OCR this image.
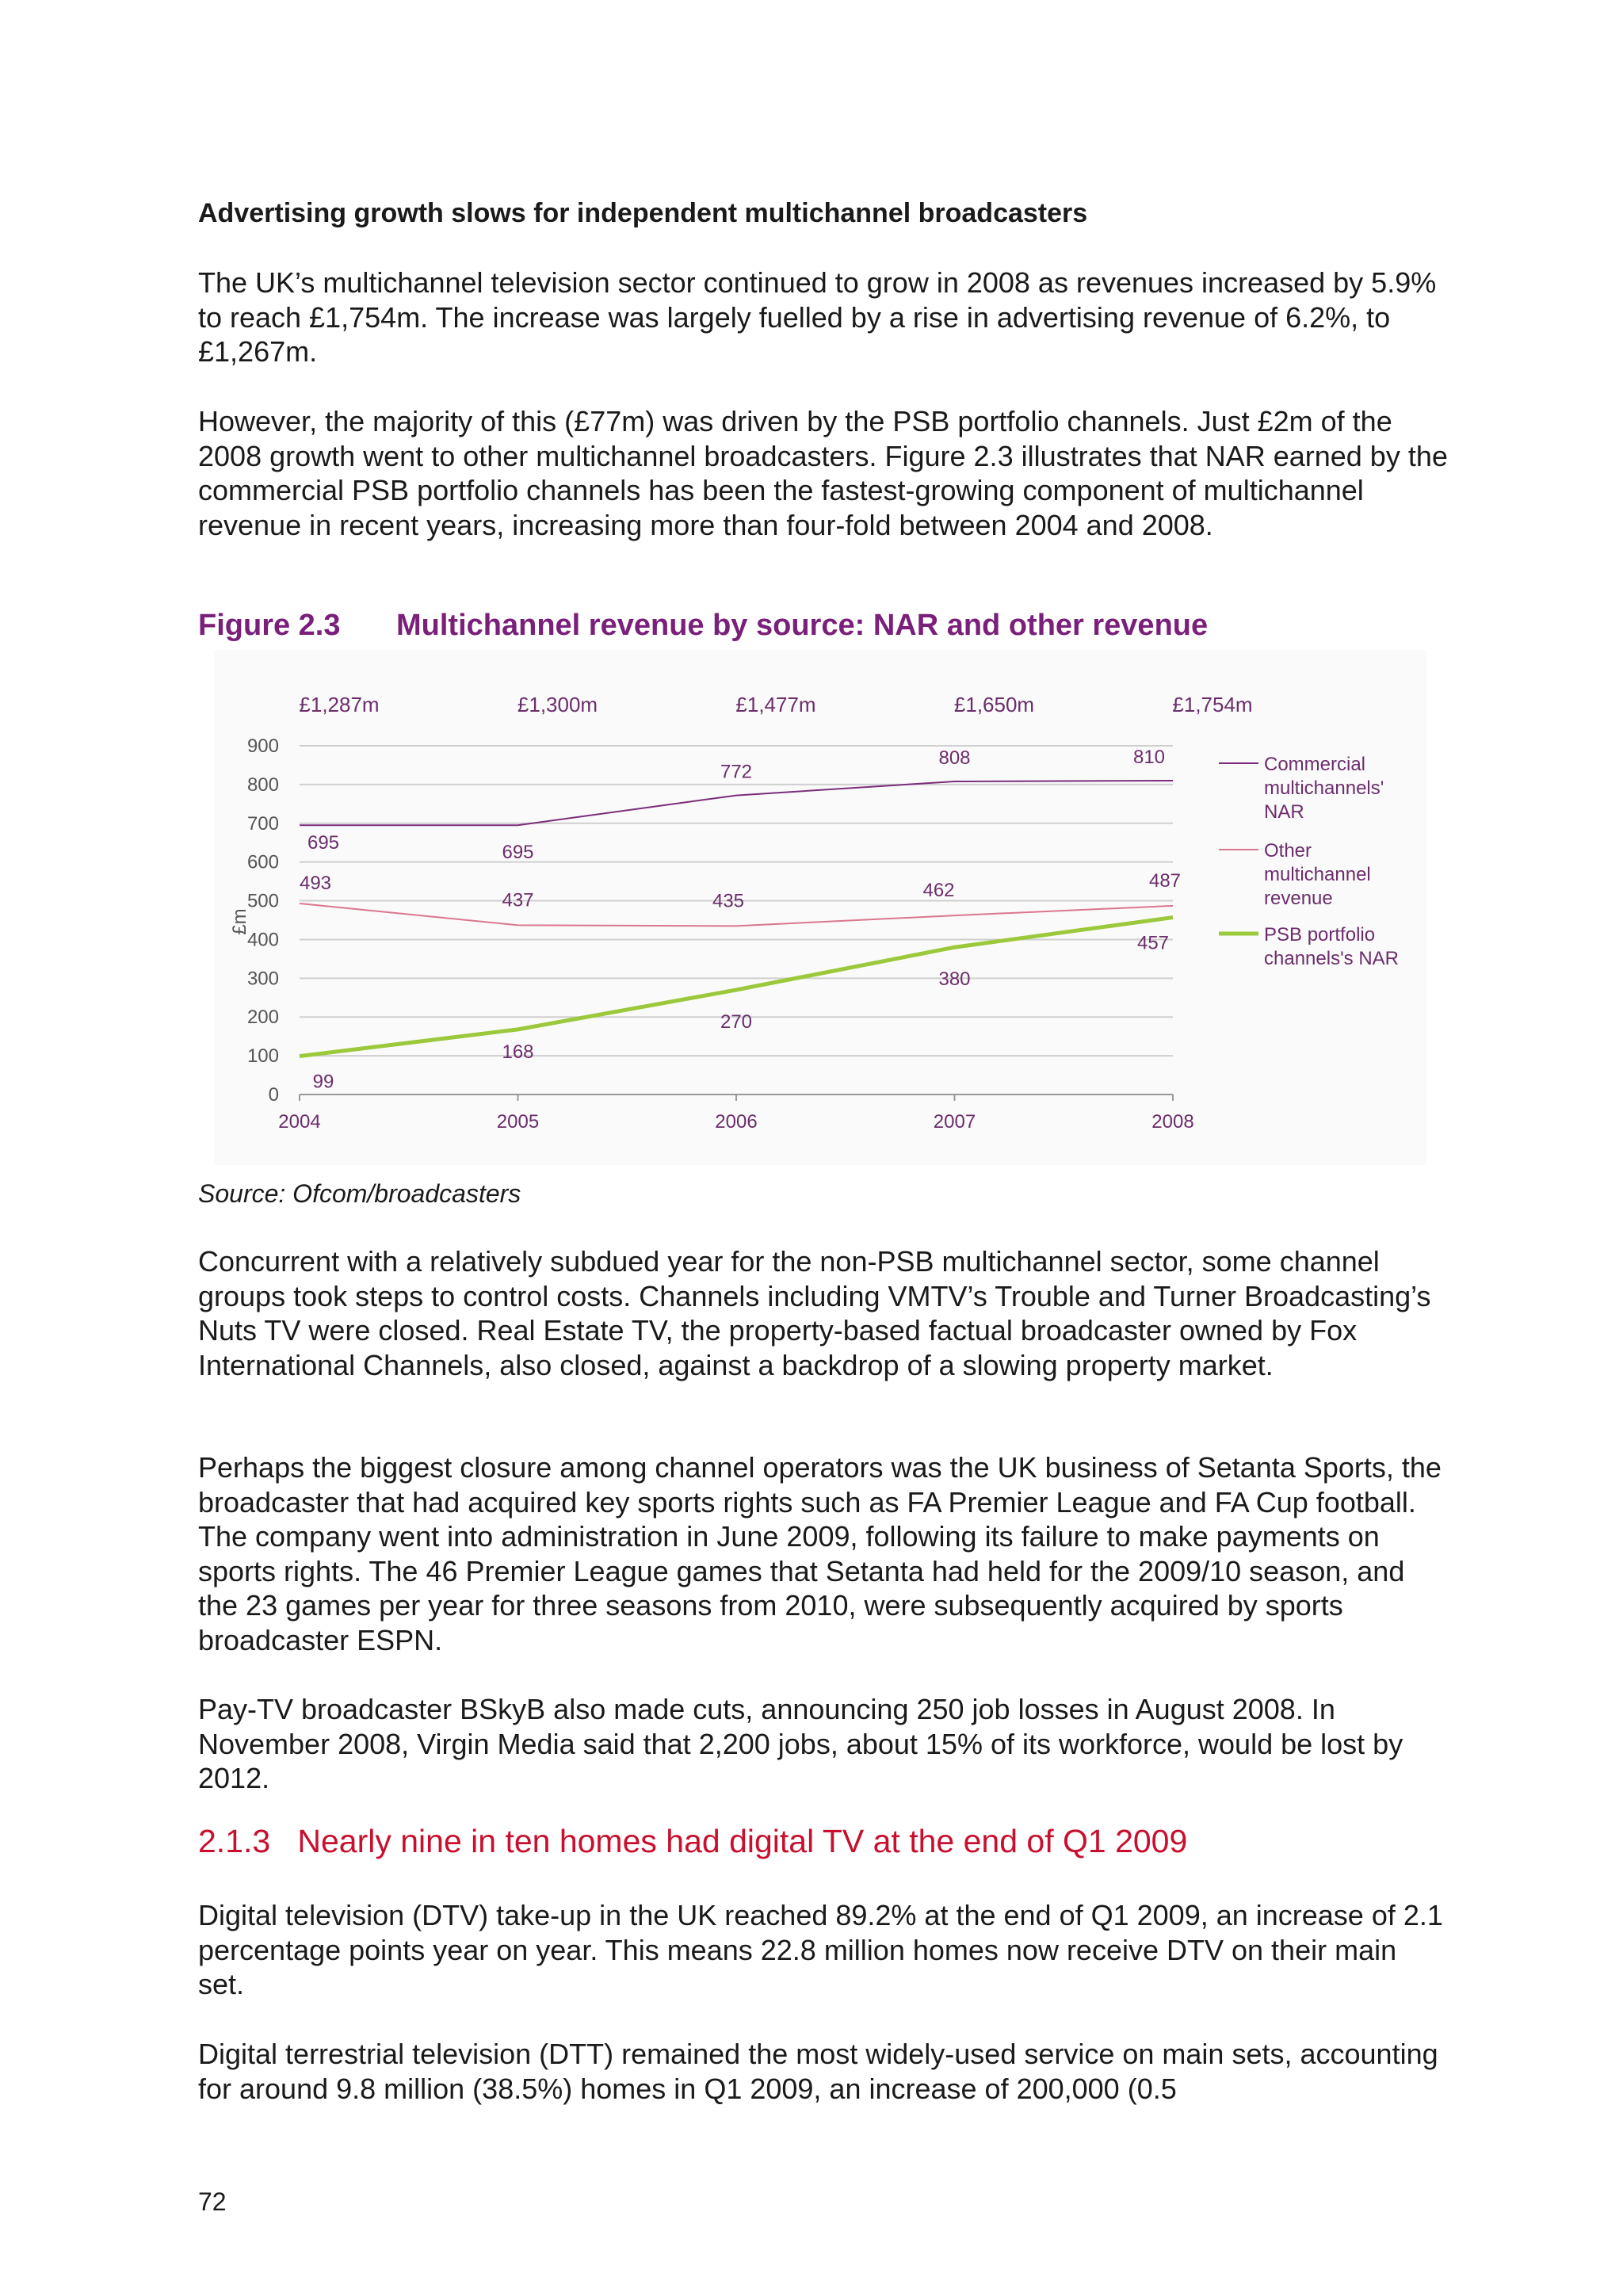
Advertising growth slows for independent multichannel broadcasters

The UK’s multichannel television sector continued to grow in 2008 as revenues increased by 5.9% to reach £1,754m. The increase was largely fuelled by a rise in advertising revenue of 6.2%, to £1,267m.

However, the majority of this (£77m) was driven by the PSB portfolio channels. Just £2m of the 2008 growth went to other multichannel broadcasters. Figure 2.3 illustrates that NAR earned by the commercial PSB portfolio channels has been the fastest-growing component of multichannel revenue in recent years, increasing more than four-fold between 2004 and 2008.

Figure 2.3 Multichannel revenue by source: NAR and other revenue
0
100
200
300
400
500
600
700
800
900
£m
2004	2005	2006	2007	2008
£1,287m	£1,300m	£1,477m	£1,650m	£1,754m
695	695
772
808	810
493
437	435	462	487
99
168
270
380
457
Commercial
multichannels'
NAR
Other
multichannel
revenue
PSB portfolio
channels's NAR
Source: Ofcom/broadcasters

Concurrent with a relatively subdued year for the non-PSB multichannel sector, some channel groups took steps to control costs. Channels including VMTV’s Trouble and Turner Broadcasting’s Nuts TV were closed. Real Estate TV, the property-based factual broadcaster owned by Fox International Channels, also closed, against a backdrop of a slowing property market.

Perhaps the biggest closure among channel operators was the UK business of Setanta Sports, the broadcaster that had acquired key sports rights such as FA Premier League and FA Cup football. The company went into administration in June 2009, following its failure to make payments on sports rights. The 46 Premier League games that Setanta had held for the 2009/10 season, and the 23 games per year for three seasons from 2010, were subsequently acquired by sports broadcaster ESPN.

Pay-TV broadcaster BSkyB also made cuts, announcing 250 job losses in August 2008. In November 2008, Virgin Media said that 2,200 jobs, about 15% of its workforce, would be lost by 2012.

2.1.3   Nearly nine in ten homes had digital TV at the end of Q1 2009

Digital television (DTV) take-up in the UK reached 89.2% at the end of Q1 2009, an increase of 2.1 percentage points year on year. This means 22.8 million homes now receive DTV on their main set.

Digital terrestrial television (DTT) remained the most widely-used service on main sets, accounting for around 9.8 million (38.5%) homes in Q1 2009, an increase of 200,000 (0.5

72
